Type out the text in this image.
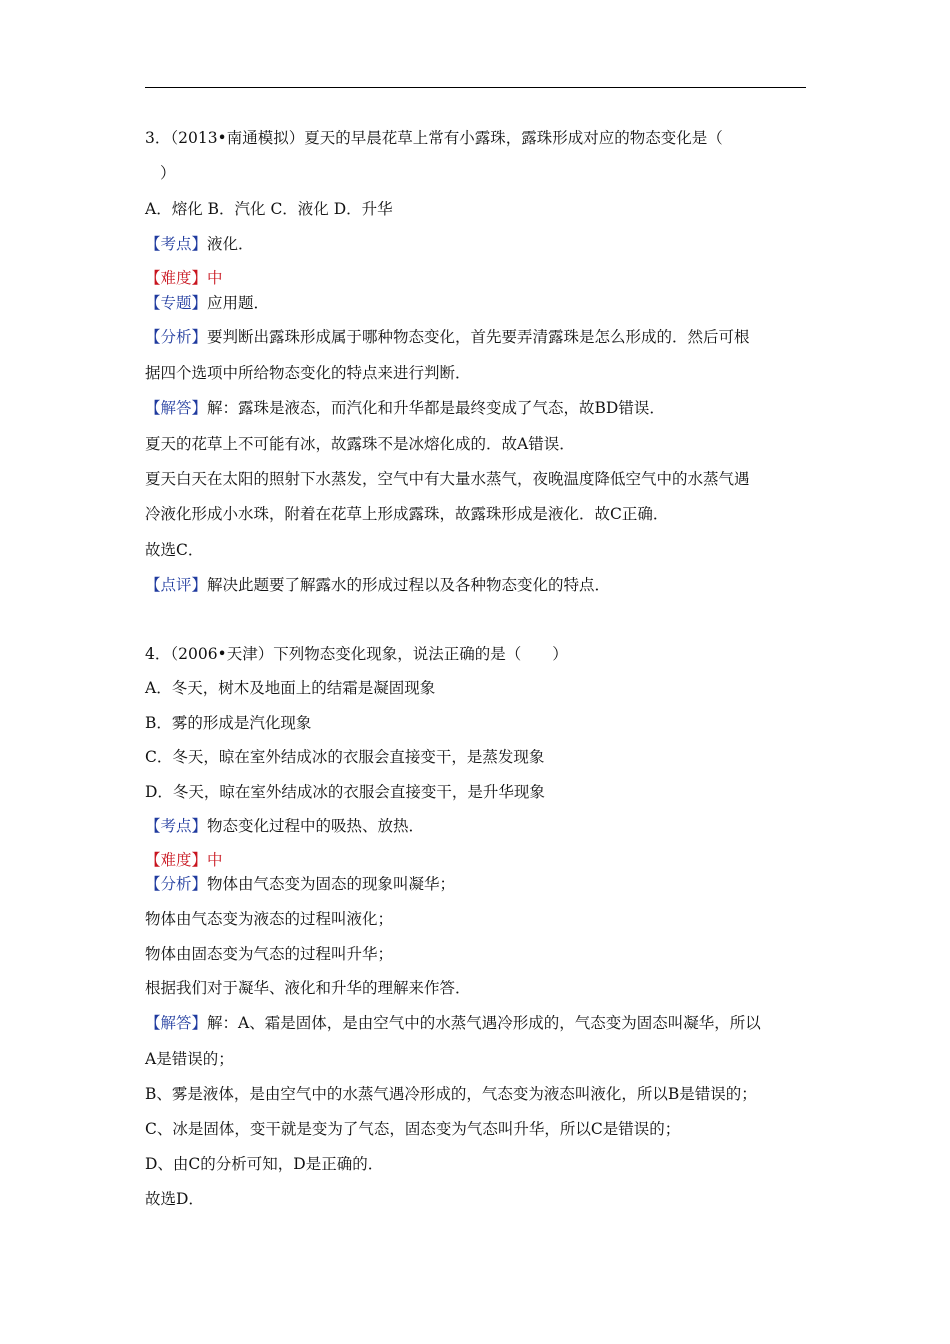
3．（2013•南通模拟）夏天的早晨花草上常有小露珠，露珠形成对应的物态变化是（
）
A．熔化 B．汽化 C．液化 D．升华
【考点】液化．
【难度】中
【专题】应用题．
【分析】要判断出露珠形成属于哪种物态变化，首先要弄清露珠是怎么形成的．然后可根
据四个选项中所给物态变化的特点来进行判断．
【解答】解：露珠是液态，而汽化和升华都是最终变成了气态，故BD错误．
夏天的花草上不可能有冰，故露珠不是冰熔化成的．故A错误．
夏天白天在太阳的照射下水蒸发，空气中有大量水蒸气，夜晚温度降低空气中的水蒸气遇
冷液化形成小水珠，附着在花草上形成露珠，故露珠形成是液化．故C正确．
故选C．
【点评】解决此题要了解露水的形成过程以及各种物态变化的特点．
4．（2006•天津）下列物态变化现象，说法正确的是（　　）
A．冬天，树木及地面上的结霜是凝固现象
B．雾的形成是汽化现象
C．冬天，晾在室外结成冰的衣服会直接变干，是蒸发现象
D．冬天，晾在室外结成冰的衣服会直接变干，是升华现象
【考点】物态变化过程中的吸热、放热．
【难度】中
【分析】物体由气态变为固态的现象叫凝华；
物体由气态变为液态的过程叫液化；
物体由固态变为气态的过程叫升华；
根据我们对于凝华、液化和升华的理解来作答．
【解答】解：A、霜是固体，是由空气中的水蒸气遇冷形成的，气态变为固态叫凝华，所以
A是错误的；
B、雾是液体，是由空气中的水蒸气遇冷形成的，气态变为液态叫液化，所以B是错误的；
C、冰是固体，变干就是变为了气态，固态变为气态叫升华，所以C是错误的；
D、由C的分析可知，D是正确的．
故选D．
